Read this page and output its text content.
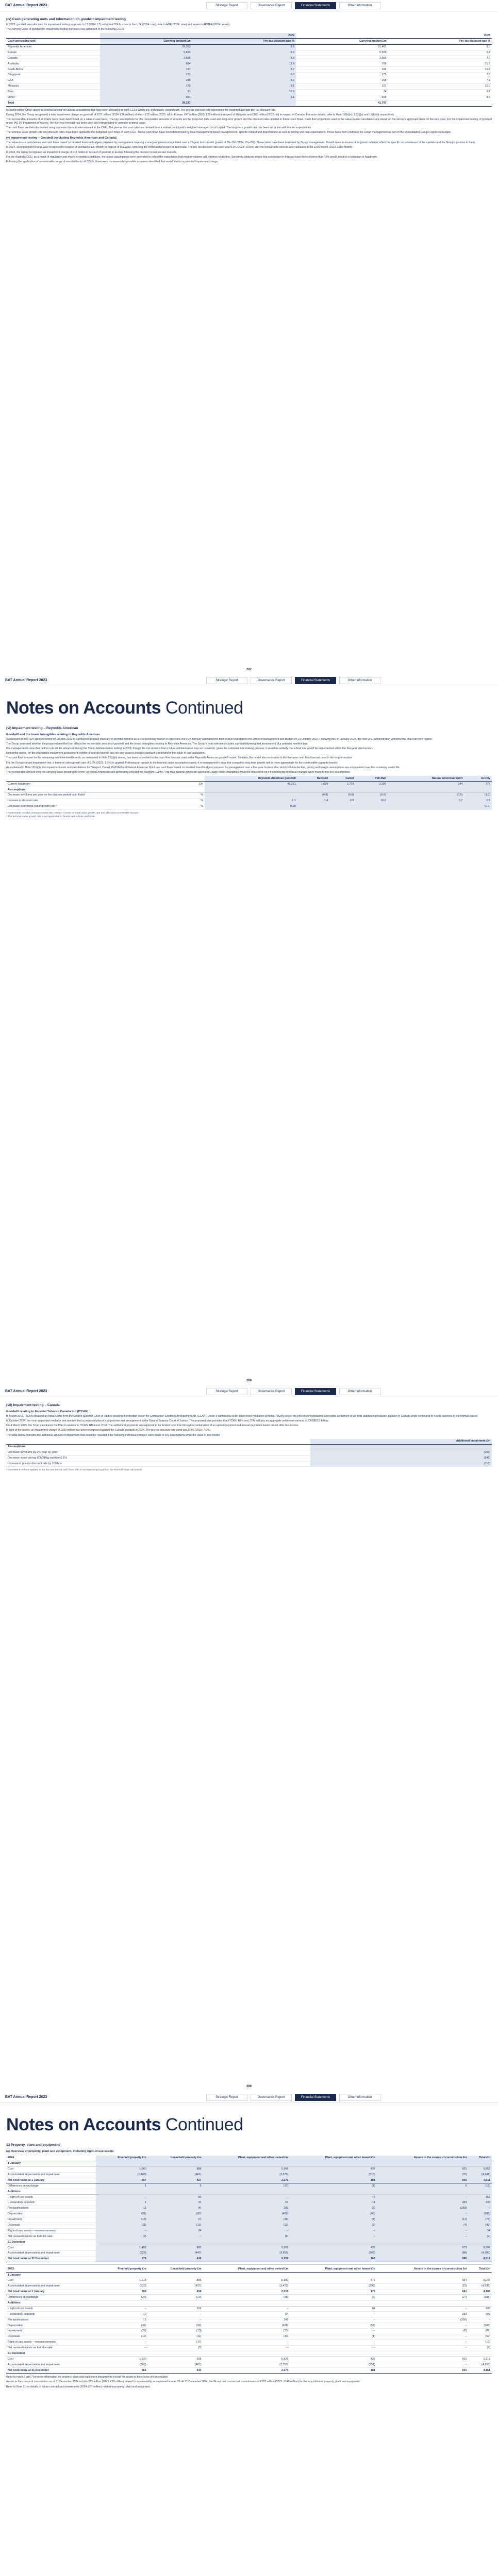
BAT Annual Report 2023	Strategic Report	Governance Report	Financial Statements	Other Information
(iv) Cash generating units and information on goodwill impairment testing

In 2023, goodwill was allocated for impairment testing purposes to 17 (2024: 17) individual CGUs – one in the U.S. (2024: one), nine in AME (2024: nine) and seven in APMEA (2024: seven).

The carrying value of goodwill for impairment testing purposes was attributed to the following CGUs:

	2024		2023	
Cash generating unit	Carrying amount £m	Pre-tax discount rate %	Carrying amount £m	Pre-tax discount rate %
Reynolds American	29,353	8.5	31,481	8.0
Europe	5,832	6.6	5,309	6.7
Canada	2,656	5.9	2,906	7.0
Australia	684	11.8	709	11.5
South Africa	187	8.7	186	10.7
Singapore	171	6.3	175	7.6
GTA	248	8.2	258	7.7
Malaysia	170	9.1	107	10.6
Peru	91	16.9	74	9.7
Other	581	8.1	608	8.4
Total	39,337		41,797	

Included within 'Other' above is goodwill arising on various acquisitions that have been allocated to eight CGUs which are, individually, insignificant. The pre-tax discount rate represents the weighted average pre-tax discount rate.

During 2024, the Group recognised a total impairment charge on goodwill of £271 million (2024: £36 million) of which £12 million (2023: nil) in Europe, £47 million (2023: £25 million) in respect of Malaysia and £189 million (2023: nil) in respect of Canada. For more details, refer to Note 12(b)(iv), 12(b)(v) and 12(b)(vi) respectively.

The recoverable amounts of all CGUs have been determined on a value-in-use basis. The key assumptions for the recoverable amounts of all units are the projected data used and long-term growth and the discount rates applied to future cash flows. Cash flow projections used in the value-in-use calculations are based on the Group's approved plans for the next year. For the impairment testing of goodwill under IAS 36 'Impairment of Assets', the five-year forecast has been used and extrapolated to compute terminal value.

The cash flows are then discounted using a pre-tax discount rate relevant to the CGU. The pre-tax discount rates are derived from a market participant's weighted average cost of capital. The long-term growth rate has been set in line with market expectations.

The terminal value growth rate and discount rates have been applied to the budgeted cash flows of each CGU. These cash flows have been determined by local management based on experience, specific market and brand trends as well as pricing and cost expectations. These have been endorsed by Group management as part of the consolidated Group's approved budget.

(v) Impairment testing – Goodwill (excluding Reynolds American and Canada)

The value-in-use calculations use cash flows based on detailed financial budgets prepared by management covering a one-year period extrapolated over a 15-year horizon with growth of 0%–3% (2024: 0%–3%). These plans have been endorsed by Group management. Growth rates in excess of long-term inflation reflect the specific circumstances of the markets and the Group's position in them.

In 2024, an impairment charge was recognised in respect of goodwill of £47 million in respect of Malaysia, reflecting the continued pressure of illicit trade. The pre-tax discount rate used was 9.1% (2023: 10.6%) and the recoverable amount was calculated to be £206 million (2023: £209 million).

In 2024, the Group recognised an impairment charge of £12 million in respect of goodwill in Europe following the decision to exit certain markets.

For the Australia CGU, as a result of regulatory and macro-economic conditions, the above assumptions were amended to reflect the expectation that market volumes will continue to decline. Sensitivity analysis shows that a reduction in forecast cash flows of more than 10% would result in a reduction in headroom.

Following the application of a reasonable range of sensitivities to all CGUs, there were no reasonably possible scenarios identified that would lead to a potential impairment charge.

287
BAT Annual Report 2023	Strategic Report	Governance Report	Financial Statements	Other Information
Notes on Accounts Continued
(vi) Impairment testing – Reynolds American
Goodwill and the brand intangibles relating to Reynolds American

Subsequent to the FDA announcement on 28 April 2022 of a proposed product standard to prohibit menthol as a characterising flavour in cigarettes, the FDA formally submitted the final product standard to the Office of Management and Budget on 19 October 2023. Following this, in January 2025, the new U.S. administration withdrew the final rule from review.

The Group assessed whether the proposed menthol ban affects the recoverable amount of goodwill and the brand intangibles relating to Reynolds American. The Group's best estimate includes a probability-weighted assessment of a potential menthol ban.

It is management's view that neither rule will be advanced during the Trump Administration ending in 2029, though the risk remains that a future administration may act. However, given the extensive rule-making process, it would be unlikely that a final rule would be implemented within the five-year plan horizon.

Noting the above, for the intangibles impairment assessment, neither a federal menthol ban nor any tobacco product standard is reflected in the value-in-use calculation.

The cash flow forecast for the remaining indefinite-lived brands, as mentioned in Note 12(a)(ii) above, has been reconciled to the cash flow forecast used in the Reynolds American goodwill model. Similarly, the model also reconciles to the five-year cash flow forecast used in the long-term plan.

For the Group's brand impairment test, a terminal value growth rate of 0.0% (2023: 1.0%) is applied. Following an update to the terminal value assumptions used, it is management's view that a negative long-term growth rate is more appropriate for the combustible cigarette brands.

As explained in Note 12(a)(ii), the impairment tests and calculations for Newport, Camel, Pall Mall and Natural American Spirit use cash flows based on detailed brand budgets prepared by management over a five-year horizon after which volume decline, pricing and margin assumptions are extrapolated over the remaining useful life.

The recoverable amount over the carrying value (headroom) of the Reynolds American cash generating unit and the Newport, Camel, Pall Mall, Natural American Spirit and Grizzly brand intangibles would be reduced to nil if the following individual changes were made to the key assumptions:

		Reynolds American goodwill	Newport	Camel	Pall Mall	Natural American Spirit	Grizzly
Current headroom	£m	43,261	1,679	2,724	2,399	344	773
Assumptions							
Decrease in volume per year on the discrete period cash flows¹	%		(0.8)	(0.6)	(0.6)	(0.5)	(1.0)
Increase in discount rate	%	6.1	1.4	0.9	16.6	0.7	0.5
Decrease in terminal value growth rate¹²	%	(6.8)					(0.2)

¹ Reasonable possible changes would also result in a lower terminal value growth rate and affect the recoverable amount.

² The terminal value growth rate is not applicable to brands with a finite useful life.

288
BAT Annual Report 2023	Strategic Report	Governance Report	Financial Statements	Other Information
(vii) Impairment testing – Canada
Goodwill relating to Imperial Tobacco Canada Ltd (ITCAN)

In March 2019, ITCAN obtained an Initial Order from the Ontario Superior Court of Justice granting it protection under the Companies' Creditors Arrangement Act (CCAA). Under a confidential court-supervised mediation process, ITCAN began the process of negotiating a possible settlement of all of its outstanding tobacco litigation in Canada while continuing to run its business in the normal course.

In October 2024, the court-appointed mediator and monitor filed a proposed plan of compromise and arrangement in the Ontario Superior Court of Justice. The proposed plan provides that ITCAN, RBH and JTIM will pay an aggregate settlement amount of CAD$32.5 billion.

On 4 March 2025, the Court sanctioned the Plan in relation to ITCAN, RBH and JTIM. The settlement payments are expected to be funded over time through a combination of an upfront payment and annual payments based on net after-tax income.

In light of the above, an impairment charge of £189 million has been recognised against the Canada goodwill in 2024. The pre-tax discount rate used was 5.9% (2023: 7.0%).

The table below indicates the additional amount of impairment that would be required if the following individual changes were made to key assumptions while the value-in-use model:

	Additional impairment £m
Assumptions	
Decrease in volume by 2% year-on-year¹	(256)
Decrease in net pricing (CAD$/kg stabilised) 1%	(149)
Increase in pre-tax discount rate by 100 bps	(116)

¹ Decrease in volume applied to the discrete period cash flows with a corresponding impact on the terminal value calculation.

289
BAT Annual Report 2023	Strategic Report	Governance Report	Financial Statements	Other Information
Notes on Accounts Continued
13 Property, plant and equipment
(a) Overview of property, plant and equipment, including right-of-use assets
2024	Freehold property £m	Leasehold property £m	Plant, equipment and other owned £m	Plant, equipment and other leased £m	Assets in the course of construction £m	Total £m
1 January						
Cost	1,960	888	5,566	437	601	9,852
Accumulated depreciation and impairment	(1,493)	(461)	(3,575)	(316)	(76)	(4,941)
Net book value at 1 January	667	427	2,273	181	601	4,911
Differences on exchange	1	3	(17)	(1)	6	(12)
Additions						
– right-of-use assets	–	80	–	77	–	157
– separately acquired	1	31	57	11	343	443
Reclassifications	11	(4)	282	(6)	(283)	–
Depreciation	(31)	(97)	(402)	(60)	–	(588)
Impairment	(18)	(7)	(36)	(1)	(11)	(73)
Disposals	(11)	(12)	(13)	(2)	(4)	(42)
Right-of-use assets – remeasurements	–	34	–	–	–	34
Net reclassifications as held-for-sale	(2)	–	(5)	–	–	(7)
31 December						
Cost	1,402	883	5,909	432	673	9,297
Accumulated depreciation and impairment	(823)	(447)	(3,650)	(269)	(88)	(4,780)
Net book value at 31 December	579	436	2,259	163	585	4,517
2023	Freehold property £m	Leasehold property £m	Plant, equipment and other owned £m	Plant, equipment and other leased £m	Assets in the course of construction £m	Total £m
1 January						
Cost	1,618	895	5,300	475	654	9,044
Accumulated depreciation and impairment	(829)	(437)	(3,473)	(298)	(13)	(4,936)
Net book value at 1 January	789	458	2,015	176	641	4,108
Differences on exchange	(28)	(29)	(98)	(6)	(27)	(188)
Additions						
– right-of-use assets	–	152	–	84	–	236
– separately acquired	10	–	54	–	333	397
Reclassifications	15	–	341	–	(356)	–
Depreciation	(31)	(92)	(408)	(57)	–	(588)
Impairment	(29)	(13)	(33)	–	(6)	(81)
Disposals	(12)	(11)	(33)	(1)	–	(57)
Right-of-use assets – remeasurements	–	(17)	–	–	–	(17)
Net reclassifications as held-for-sale	–	(7)	–	–	–	(7)
31 December						
Cost	1,530	928	5,626	432	601	9,117
Accumulated depreciation and impairment	(865)	(487)	(3,353)	(251)	–	(4,956)
Net book value at 31 December	665	441	2,273	181	601	4,161

Refer to notes 6 and 7 for more information on property, plant and equipment impairments except for assets in the course of construction.

Assets in the course of construction as at 31 December 2024 include £25 million (2023: £19 million) related to sustainability as explained in note 20. At 31 December 2024, the Group had contractual commitments of £153 million (2023: £140 million) for the acquisition of property, plant and equipment.

Refer to Note 31 for details of future contractual commitments (2024: £67 million) related to property, plant and equipment.
